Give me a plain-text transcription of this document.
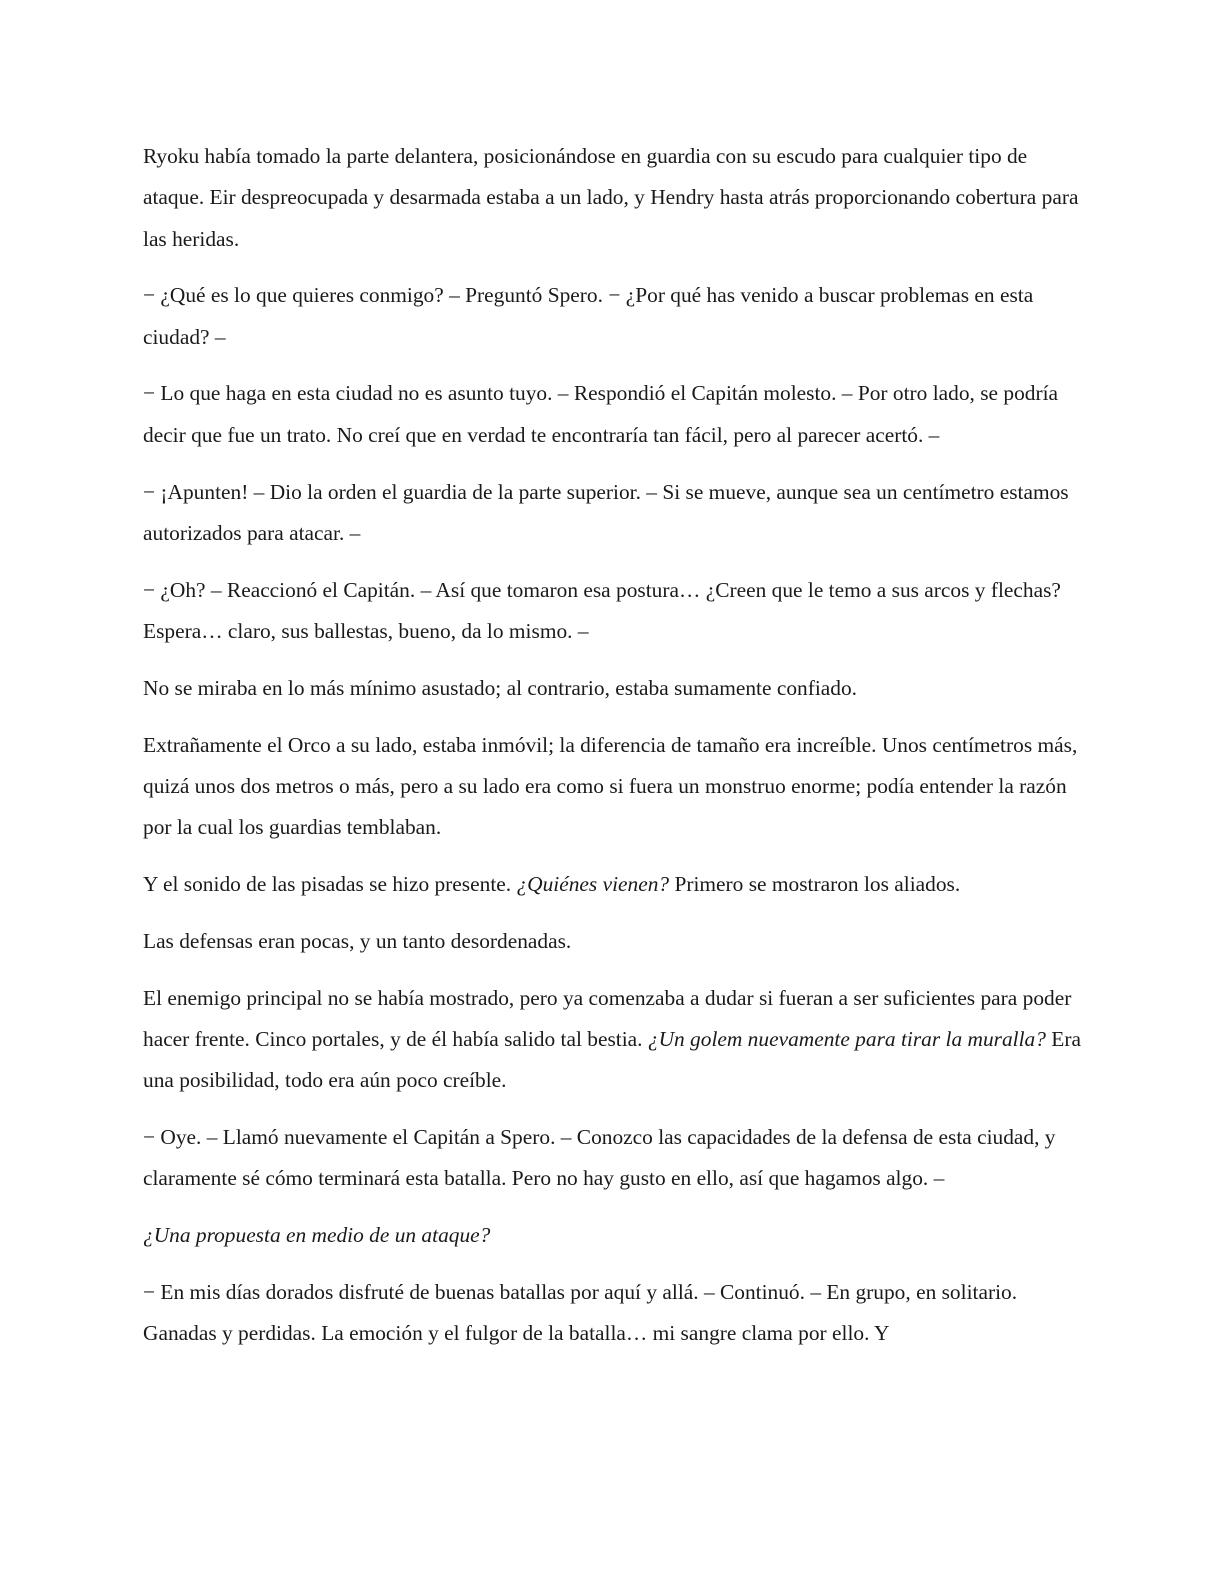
Ryoku había tomado la parte delantera, posicionándose en guardia con su escudo para cualquier tipo de ataque. Eir despreocupada y desarmada estaba a un lado, y Hendry hasta atrás proporcionando cobertura para las heridas.

− ¿Qué es lo que quieres conmigo? – Preguntó Spero. − ¿Por qué has venido a buscar problemas en esta ciudad? –

− Lo que haga en esta ciudad no es asunto tuyo. – Respondió el Capitán molesto. – Por otro lado, se podría decir que fue un trato. No creí que en verdad te encontraría tan fácil, pero al parecer acertó. –

− ¡Apunten! – Dio la orden el guardia de la parte superior. – Si se mueve, aunque sea un centímetro estamos autorizados para atacar. –

− ¿Oh? – Reaccionó el Capitán. – Así que tomaron esa postura… ¿Creen que le temo a sus arcos y flechas? Espera… claro, sus ballestas, bueno, da lo mismo. –

No se miraba en lo más mínimo asustado; al contrario, estaba sumamente confiado.

Extrañamente el Orco a su lado, estaba inmóvil; la diferencia de tamaño era increíble. Unos centímetros más, quizá unos dos metros o más, pero a su lado era como si fuera un monstruo enorme; podía entender la razón por la cual los guardias temblaban.

Y el sonido de las pisadas se hizo presente. ¿Quiénes vienen? Primero se mostraron los aliados.

Las defensas eran pocas, y un tanto desordenadas.

El enemigo principal no se había mostrado, pero ya comenzaba a dudar si fueran a ser suficientes para poder hacer frente. Cinco portales, y de él había salido tal bestia. ¿Un golem nuevamente para tirar la muralla? Era una posibilidad, todo era aún poco creíble.

− Oye. – Llamó nuevamente el Capitán a Spero. – Conozco las capacidades de la defensa de esta ciudad, y claramente sé cómo terminará esta batalla. Pero no hay gusto en ello, así que hagamos algo. –

¿Una propuesta en medio de un ataque?

− En mis días dorados disfruté de buenas batallas por aquí y allá. – Continuó. – En grupo, en solitario. Ganadas y perdidas. La emoción y el fulgor de la batalla… mi sangre clama por ello. Y
